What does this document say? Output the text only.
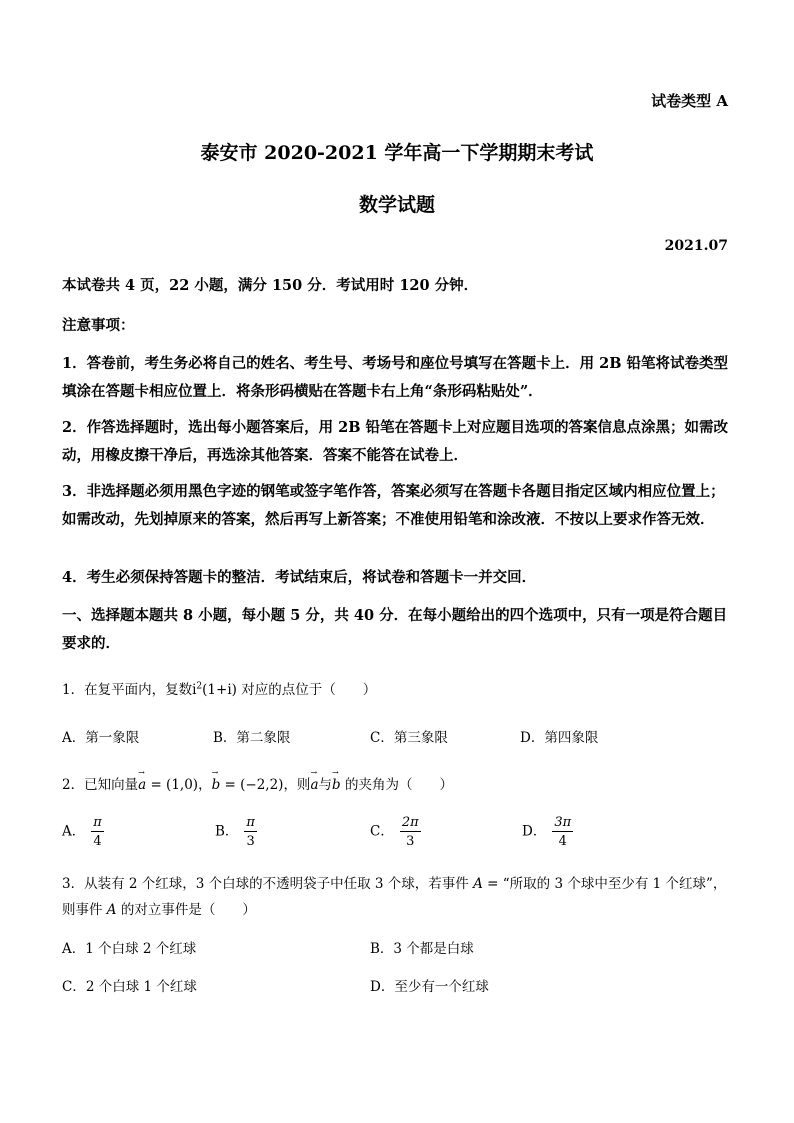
试卷类型 A
泰安市 2020-2021 学年高一下学期期末考试
数学试题
2021.07
本试卷共 4 页，22 小题，满分 150 分．考试用时 120 分钟．
注意事项：
1．答卷前，考生务必将自己的姓名、考生号、考场号和座位号填写在答题卡上．用 2B 铅笔将试卷类型填涂在答题卡相应位置上．将条形码横贴在答题卡右上角“条形码粘贴处”．
2．作答选择题时，选出每小题答案后，用 2B 铅笔在答题卡上对应题目选项的答案信息点涂黑；如需改动，用橡皮擦干净后，再选涂其他答案．答案不能答在试卷上．
3．非选择题必须用黑色字迹的钢笔或签字笔作答，答案必须写在答题卡各题目指定区域内相应位置上；如需改动，先划掉原来的答案，然后再写上新答案；不准使用铅笔和涂改液．不按以上要求作答无效．
4．考生必须保持答题卡的整洁．考试结束后，将试卷和答题卡一并交回．
一、选择题本题共 8 小题，每小题 5 分，共 40 分．在每小题给出的四个选项中，只有一项是符合题目要求的．
1．在复平面内，复数$i^2(1+i)$ 对应的点位于（　　）
A．第一象限	B．第二象限	C．第三象限	D．第四象限
2．已知向量→ a = (1,0)，→ b = (−2,2)，则→ a与→ b 的夹角为（　　）
A． $\frac{\pi}{4}$	B． $\frac{\pi}{3}$	C． $\frac{2\pi}{3}$	D． $\frac{3\pi}{4}$
3．从装有 2 个红球，3 个白球的不透明袋子中任取 3 个球，若事件 A = “所取的 3 个球中至少有 1 个红球”，
则事件 A 的对立事件是（　　）
A．1 个白球 2 个红球	B．3 个都是白球
C．2 个白球 1 个红球	D．至少有一个红球
